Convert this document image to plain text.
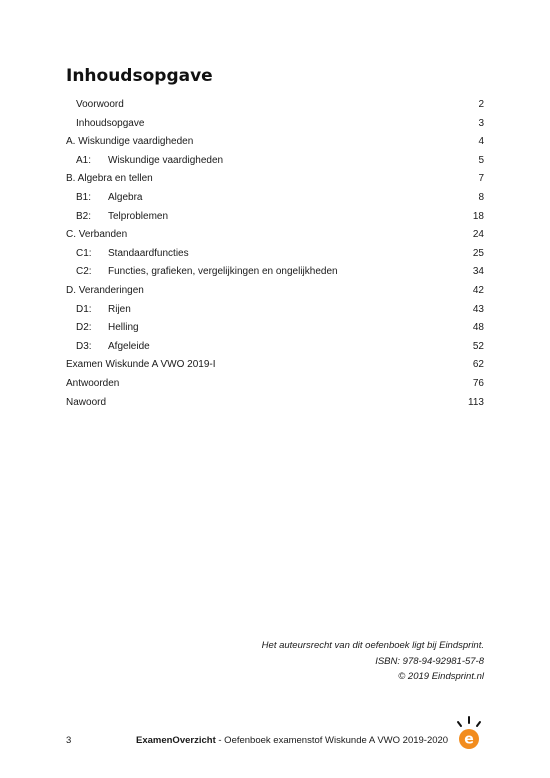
Inhoudsopgave
Voorwoord	2
Inhoudsopgave	3
A. Wiskundige vaardigheden	4
A1: Wiskundige vaardigheden	5
B. Algebra en tellen	7
B1: Algebra	8
B2: Telproblemen	18
C. Verbanden	24
C1: Standaardfuncties	25
C2: Functies, grafieken, vergelijkingen en ongelijkheden	34
D. Veranderingen	42
D1: Rijen	43
D2: Helling	48
D3: Afgeleide	52
Examen Wiskunde A VWO 2019-I	62
Antwoorden	76
Nawoord	113
Het auteursrecht van dit oefenboek ligt bij Eindsprint.
ISBN: 978-94-92981-57-8
© 2019 Eindsprint.nl
3	ExamenOverzicht - Oefenboek examenstof Wiskunde A VWO 2019-2020 e
